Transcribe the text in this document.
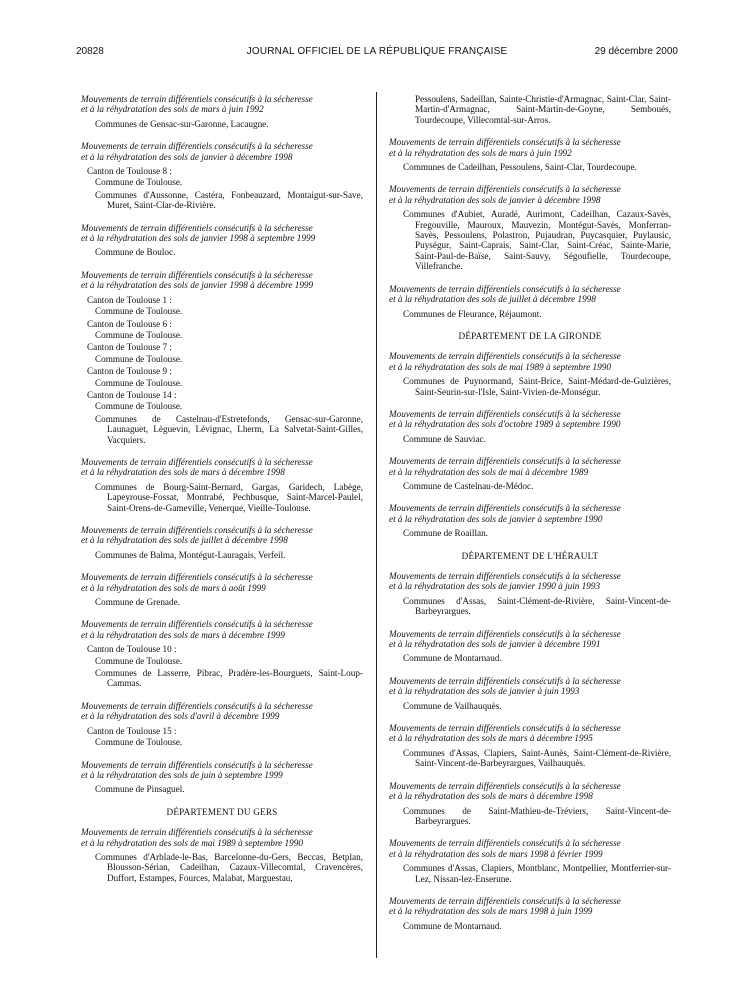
20828	JOURNAL OFFICIEL DE LA RÉPUBLIQUE FRANÇAISE	29 décembre 2000

Mouvements de terrain différentiels consécutifs à la sécheresse

et à la réhydratation des sols de mars à juin 1992

Communes de Gensac-sur-Garonne, Lacaugne.

Mouvements de terrain différentiels consécutifs à la sécheresse

et à la réhydratation des sols de janvier à décembre 1998

Canton de Toulouse 8 :
Commune de Toulouse.
Communes d'Aussonne, Castéra, Fonbeauzard, Montaigut-sur-Save, Muret, Saint-Clar-de-Rivière.

Mouvements de terrain différentiels consécutifs à la sécheresse

et à la réhydratation des sols de janvier 1998 à septembre 1999

Commune de Bouloc.

Mouvements de terrain différentiels consécutifs à la sécheresse

et à la réhydratation des sols de janvier 1998 à décembre 1999

Canton de Toulouse 1 :
Commune de Toulouse.
Canton de Toulouse 6 :
Commune de Toulouse.
Canton de Toulouse 7 :
Commune de Toulouse.
Canton de Toulouse 9 :
Commune de Toulouse.
Canton de Toulouse 14 :
Commune de Toulouse.
Communes de Castelnau-d'Estretefonds, Gensac-sur-Garonne, Launaguet, Lèguevin, Lévignac, Lherm, La Salvetat-Saint-Gilles, Vacquiers.

Mouvements de terrain différentiels consécutifs à la sécheresse

et à la réhydratation des sols de mars à décembre 1998

Communes de Bourg-Saint-Bernard, Gargas, Garidech, Labège, Lapeyrouse-Fossat, Montrabé, Pechbusque, Saint-Marcel-Paulel, Saint-Orens-de-Gameville, Venerque, Vieille-Toulouse.

Mouvements de terrain différentiels consécutifs à la sécheresse

et à la réhydratation des sols de juillet à décembre 1998

Communes de Balma, Montégut-Lauragais, Verfeil.

Mouvements de terrain différentiels consécutifs à la sécheresse

et à la réhydratation des sols de mars à août 1999

Commune de Grenade.

Mouvements de terrain différentiels consécutifs à la sécheresse

et à la réhydratation des sols de mars à décembre 1999

Canton de Toulouse 10 :
Commune de Toulouse.
Communes de Lasserre, Pibrac, Pradère-les-Bourguets, Saint-Loup-Cammas.

Mouvements de terrain différentiels consécutifs à la sécheresse

et à la réhydratation des sols d'avril à décembre 1999

Canton de Toulouse 15 :
Commune de Toulouse.

Mouvements de terrain différentiels consécutifs à la sécheresse

et à la réhydratation des sols de juin à septembre 1999

Commune de Pinsaguel.
DÉPARTEMENT DU GERS

Mouvements de terrain différentiels consécutifs à la sécheresse

et à la réhydratation des sols de mai 1989 à septembre 1990

Communes d'Arblade-le-Bas, Barcelonne-du-Gers, Beccas, Betplan, Blousson-Sérian, Cadeilhan, Cazaux-Villecomtal, Cravencères, Duffort, Estampes, Fources, Malabat, Marguestau,
Pessoulens, Sadeillan, Sainte-Christie-d'Armagnac, Saint-Clar, Saint-Martin-d'Armagnac, Saint-Martin-de-Goyne, Semboués, Tourdecoupe, Villecomtal-sur-Arros.

Mouvements de terrain différentiels consécutifs à la sécheresse

et à la réhydratation des sols de mars à juin 1992

Communes de Cadeilhan, Pessoulens, Saint-Clar, Tourdecoupe.

Mouvements de terrain différentiels consécutifs à la sécheresse

et à la réhydratation des sols de janvier à décembre 1998

Communes d'Aubiet, Auradé, Aurimont, Cadeilhan, Cazaux-Savès, Fregouville, Mauroux, Mauvezin, Montégut-Savès, Monferran-Savès, Pessoulens, Polastron, Pujaudran, Puycasquier, Puylausic, Puységur, Saint-Caprais, Saint-Clar, Saint-Créac, Sainte-Marie, Saint-Paul-de-Baïse, Saint-Sauvy, Ségoufielle, Tourdecoupe, Villefranche.

Mouvements de terrain différentiels consécutifs à la sécheresse

et à la réhydratation des sols de juillet à décembre 1998

Communes de Fleurance, Réjaumont.
DÉPARTEMENT DE LA GIRONDE

Mouvements de terrain différentiels consécutifs à la sécheresse

et à la réhydratation des sols de mai 1989 à septembre 1990

Communes de Puynormand, Saint-Brice, Saint-Médard-de-Guizières, Saint-Seurin-sur-l'Isle, Saint-Vivien-de-Monségur.

Mouvements de terrain différentiels consécutifs à la sécheresse

et à la réhydratation des sols d'octobre 1989 à septembre 1990

Commune de Sauviac.

Mouvements de terrain différentiels consécutifs à la sécheresse

et à la réhydratation des sols de mai à décembre 1989

Commune de Castelnau-de-Médoc.

Mouvements de terrain différentiels consécutifs à la sécheresse

et à la réhydratation des sols de janvier à septembre 1990

Commune de Roaillan.
DÉPARTEMENT DE L'HÉRAULT

Mouvements de terrain différentiels consécutifs à la sécheresse

et à la réhydratation des sols de janvier 1990 à juin 1993

Communes d'Assas, Saint-Clément-de-Rivière, Saint-Vincent-de-Barbeyrargues.

Mouvements de terrain différentiels consécutifs à la sécheresse

et à la réhydratation des sols de janvier à décembre 1991

Commune de Montarnaud.

Mouvements de terrain différentiels consécutifs à la sécheresse

et à la réhydratation des sols de janvier à juin 1993

Commune de Vailhauquès.

Mouvements de terrain différentiels consécutifs à la sécheresse

et à la réhydratation des sols de mars à décembre 1995

Communes d'Assas, Clapiers, Saint-Aunès, Saint-Clément-de-Rivière, Saint-Vincent-de-Barbeyrargues, Vailhauquès.

Mouvements de terrain différentiels consécutifs à la sécheresse

et à la réhydratation des sols de mars à décembre 1998

Communes de Saint-Mathieu-de-Tréviers, Saint-Vincent-de-Barbeyrargues.

Mouvements de terrain différentiels consécutifs à la sécheresse

et à la réhydratation des sols de mars 1998 à février 1999

Communes d'Assas, Clapiers, Montblanc, Montpellier, Montferrier-sur-Lez, Nissan-lez-Enserune.

Mouvements de terrain différentiels consécutifs à la sécheresse

et à la réhydratation des sols de mars 1998 à juin 1999

Commune de Montarnaud.
